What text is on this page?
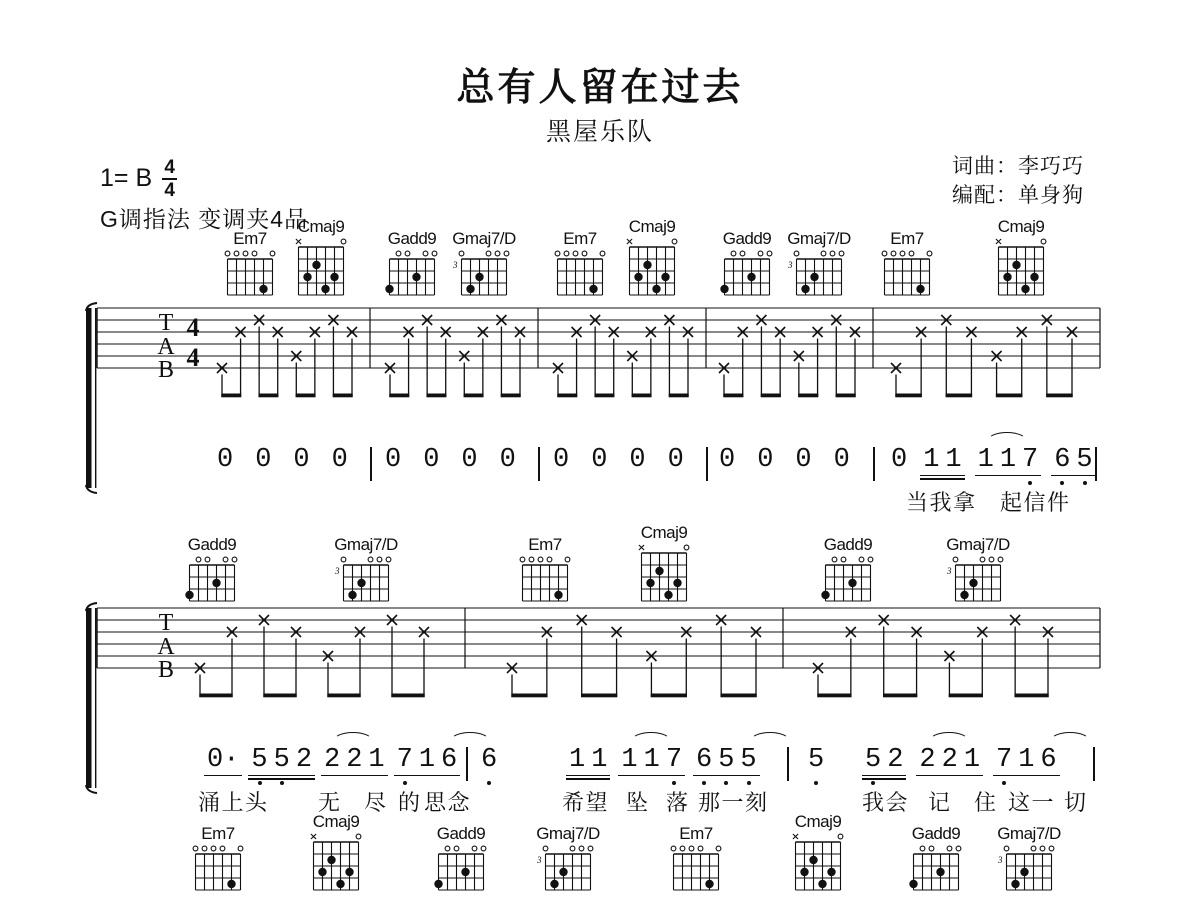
总有人留在过去
黑屋乐队
1= B $\frac{4}{4}$
G调指法 变调夹4品
词曲：李巧巧
编配：单身狗
T
A
B
4
4
T
A
B
Em7
Cmaj9
Gadd9 Gmaj7/D
3
Em7
Cmaj9
Gadd9 Gmaj7/D
3
Em7
Cmaj9
Gadd9	Gmaj7/D
3
Em7
Cmaj9
Gadd9	Gmaj7/D
3
Em7
Cmaj9
Gadd9	Gmaj7/D
3
Em7
Cmaj9
Gadd9	Gmaj7/D
3
0 0 0 0 0 0 0 0 0 0 0 0 0 0 0 0 0 1 1 1 1 7 6 5
0· 5 5 2 2 2 1 7 1 6 6	1 1 1 1 7 6 5 5 5 5 2 2 2 1 7 1 6
当我拿 起信件
涌上头 无 尽 的 思念	希望 坠 落 那一刻	我会 记 住 这一 切
